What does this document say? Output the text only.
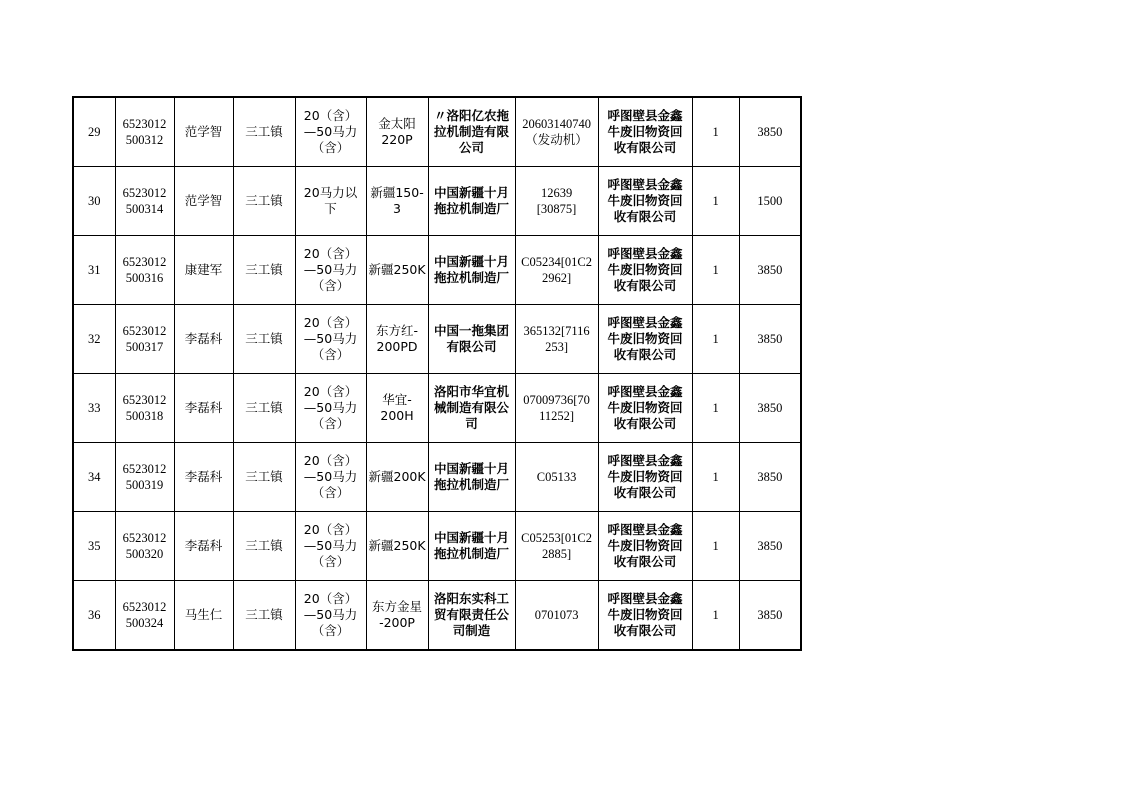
29	6523012
500312	范学智	三工镇	20（含）
—50马力
（含）	金太阳
220P	〃洛阳亿农拖
拉机制造有限
公司	20603140740
（发动机）	呼图壁县金鑫
牛废旧物资回
收有限公司	1	3850
30	6523012
500314	范学智	三工镇	20马力以
下	新疆150-
3	中国新疆十月
拖拉机制造厂	12639
[30875]	呼图壁县金鑫
牛废旧物资回
收有限公司	1	1500
31	6523012
500316	康建军	三工镇	20（含）
—50马力
（含）	新疆250K	中国新疆十月
拖拉机制造厂	C05234[01C2
2962]	呼图壁县金鑫
牛废旧物资回
收有限公司	1	3850
32	6523012
500317	李磊科	三工镇	20（含）
—50马力
（含）	东方红-
200PD	中国一拖集团
有限公司	365132[7116
253]	呼图壁县金鑫
牛废旧物资回
收有限公司	1	3850
33	6523012
500318	李磊科	三工镇	20（含）
—50马力
（含）	华宜-
200H	洛阳市华宜机
械制造有限公
司	07009736[70
11252]	呼图壁县金鑫
牛废旧物资回
收有限公司	1	3850
34	6523012
500319	李磊科	三工镇	20（含）
—50马力
（含）	新疆200K	中国新疆十月
拖拉机制造厂	C05133	呼图壁县金鑫
牛废旧物资回
收有限公司	1	3850
35	6523012
500320	李磊科	三工镇	20（含）
—50马力
（含）	新疆250K	中国新疆十月
拖拉机制造厂	C05253[01C2
2885]	呼图壁县金鑫
牛废旧物资回
收有限公司	1	3850
36	6523012
500324	马生仁	三工镇	20（含）
—50马力
（含）	东方金星
-200P	洛阳东实科工
贸有限责任公
司制造	0701073	呼图壁县金鑫
牛废旧物资回
收有限公司	1	3850
